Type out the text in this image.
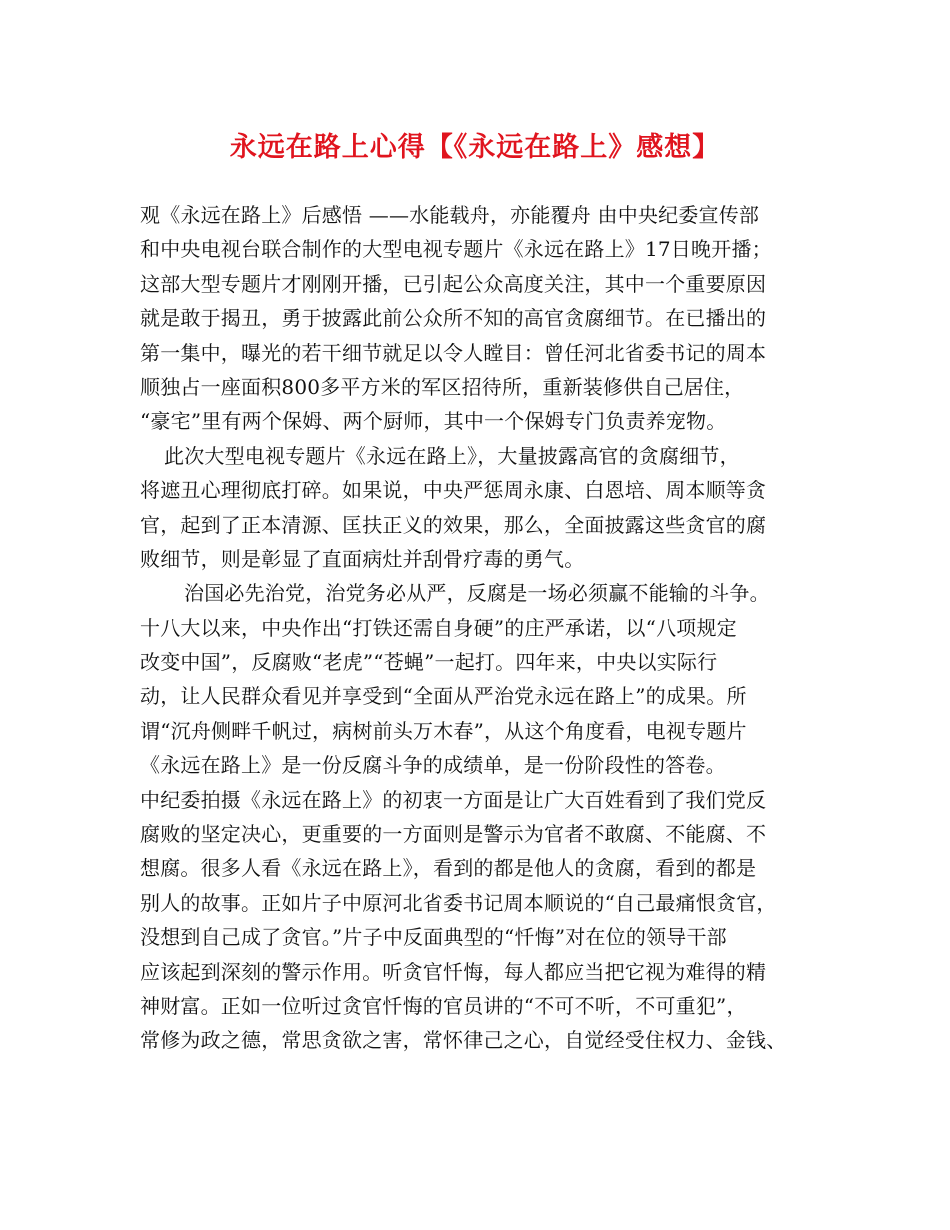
永远在路上心得【《永远在路上》感想】
观《永远在路上》后感悟 ——水能载舟，亦能覆舟 由中央纪委宣传部
和中央电视台联合制作的大型电视专题片《永远在路上》17日晚开播；
这部大型专题片才刚刚开播，已引起公众高度关注，其中一个重要原因
就是敢于揭丑，勇于披露此前公众所不知的高官贪腐细节。在已播出的
第一集中，曝光的若干细节就足以令人瞠目：曾任河北省委书记的周本
顺独占一座面积800多平方米的军区招待所，重新装修供自己居住，
“豪宅”里有两个保姆、两个厨师，其中一个保姆专门负责养宠物。
此次大型电视专题片《永远在路上》，大量披露高官的贪腐细节，
将遮丑心理彻底打碎。如果说，中央严惩周永康、白恩培、周本顺等贪
官，起到了正本清源、匡扶正义的效果，那么，全面披露这些贪官的腐
败细节，则是彰显了直面病灶并刮骨疗毒的勇气。
治国必先治党，治党务必从严，反腐是一场必须赢不能输的斗争。
十八大以来，中央作出“打铁还需自身硬”的庄严承诺，以“八项规定
改变中国”，反腐败“老虎”“苍蝇”一起打。四年来，中央以实际行
动，让人民群众看见并享受到“全面从严治党永远在路上”的成果。所
谓“沉舟侧畔千帆过，病树前头万木春”，从这个角度看，电视专题片
《永远在路上》是一份反腐斗争的成绩单，是一份阶段性的答卷。
中纪委拍摄《永远在路上》的初衷一方面是让广大百姓看到了我们党反
腐败的坚定决心，更重要的一方面则是警示为官者不敢腐、不能腐、不
想腐。很多人看《永远在路上》，看到的都是他人的贪腐，看到的都是
别人的故事。正如片子中原河北省委书记周本顺说的“自己最痛恨贪官，
没想到自己成了贪官。”片子中反面典型的“忏悔”对在位的领导干部
应该起到深刻的警示作用。听贪官忏悔，每人都应当把它视为难得的精
神财富。正如一位听过贪官忏悔的官员讲的“不可不听，不可重犯”，
常修为政之德，常思贪欲之害，常怀律己之心，自觉经受住权力、金钱、
